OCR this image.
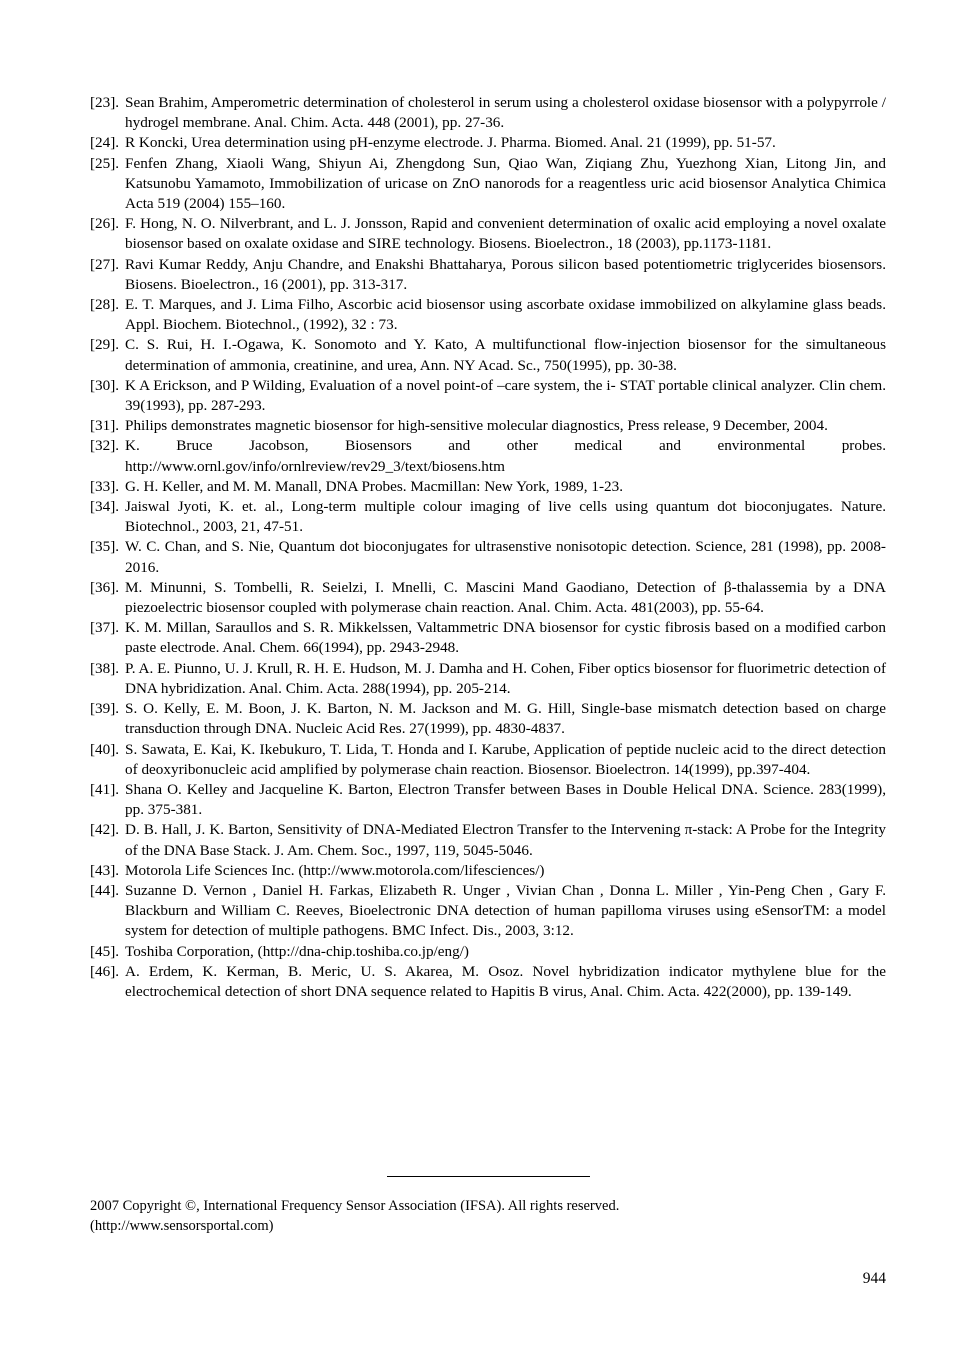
[23]. Sean Brahim, Amperometric determination of cholesterol in serum using a cholesterol oxidase biosensor with a polypyrrole / hydrogel membrane. Anal. Chim. Acta. 448 (2001), pp. 27-36.
[24]. R Koncki, Urea determination using pH-enzyme electrode. J. Pharma. Biomed. Anal. 21 (1999), pp. 51-57.
[25]. Fenfen Zhang, Xiaoli Wang, Shiyun Ai, Zhengdong Sun, Qiao Wan, Ziqiang Zhu, Yuezhong Xian, Litong Jin, and Katsunobu Yamamoto, Immobilization of uricase on ZnO nanorods for a reagentless uric acid biosensor Analytica Chimica Acta 519 (2004) 155–160.
[26]. F. Hong, N. O. Nilverbrant, and L. J. Jonsson, Rapid and convenient determination of oxalic acid employing a novel oxalate biosensor based on oxalate oxidase and SIRE technology. Biosens. Bioelectron., 18 (2003), pp.1173-1181.
[27]. Ravi Kumar Reddy, Anju Chandre, and Enakshi Bhattaharya, Porous silicon based potentiometric triglycerides biosensors. Biosens. Bioelectron., 16 (2001), pp. 313-317.
[28]. E. T. Marques, and J. Lima Filho, Ascorbic acid biosensor using ascorbate oxidase immobilized on alkylamine glass beads. Appl. Biochem. Biotechnol., (1992), 32 : 73.
[29]. C. S. Rui, H. I.-Ogawa, K. Sonomoto and Y. Kato, A multifunctional flow-injection biosensor for the simultaneous determination of ammonia, creatinine, and urea, Ann. NY Acad. Sc., 750(1995), pp. 30-38.
[30]. K A Erickson, and P Wilding, Evaluation of a novel point-of –care system, the i- STAT portable clinical analyzer. Clin chem. 39(1993), pp. 287-293.
[31]. Philips demonstrates magnetic biosensor for high-sensitive molecular diagnostics, Press release, 9 December, 2004.
[32]. K. Bruce Jacobson, Biosensors and other medical and environmental probes. http://www.ornl.gov/info/ornlreview/rev29_3/text/biosens.htm
[33]. G. H. Keller, and M. M. Manall, DNA Probes. Macmillan: New York, 1989, 1-23.
[34]. Jaiswal Jyoti, K. et. al., Long-term multiple colour imaging of live cells using quantum dot bioconjugates. Nature. Biotechnol., 2003, 21, 47-51.
[35]. W. C. Chan, and S. Nie, Quantum dot bioconjugates for ultrasenstive nonisotopic detection. Science, 281 (1998), pp. 2008-2016.
[36]. M. Minunni, S. Tombelli, R. Seielzi, I. Mnelli, C. Mascini Mand Gaodiano, Detection of β-thalassemia by a DNA piezoelectric biosensor coupled with polymerase chain reaction. Anal. Chim. Acta. 481(2003), pp. 55-64.
[37]. K. M. Millan, Saraullos and S. R. Mikkelssen, Valtammetric DNA biosensor for cystic fibrosis based on a modified carbon paste electrode. Anal. Chem. 66(1994), pp. 2943-2948.
[38]. P. A. E. Piunno, U. J. Krull, R. H. E. Hudson, M. J. Damha and H. Cohen, Fiber optics biosensor for fluorimetric detection of DNA hybridization. Anal. Chim. Acta. 288(1994), pp. 205-214.
[39]. S. O. Kelly, E. M. Boon, J. K. Barton, N. M. Jackson and M. G. Hill, Single-base mismatch detection based on charge transduction through DNA. Nucleic Acid Res. 27(1999), pp. 4830-4837.
[40]. S. Sawata, E. Kai, K. Ikebukuro, T. Lida, T. Honda and I. Karube, Application of peptide nucleic acid to the direct detection of deoxyribonucleic acid amplified by polymerase chain reaction. Biosensor. Bioelectron. 14(1999), pp.397-404.
[41]. Shana O. Kelley and Jacqueline K. Barton, Electron Transfer between Bases in Double Helical DNA. Science. 283(1999), pp. 375-381.
[42]. D. B. Hall, J. K. Barton, Sensitivity of DNA-Mediated Electron Transfer to the Intervening π-stack: A Probe for the Integrity of the DNA Base Stack. J. Am. Chem. Soc., 1997, 119, 5045-5046.
[43]. Motorola Life Sciences Inc. (http://www.motorola.com/lifesciences/)
[44]. Suzanne D. Vernon , Daniel H. Farkas, Elizabeth R. Unger , Vivian Chan , Donna L. Miller , Yin-Peng Chen , Gary F. Blackburn and William C. Reeves, Bioelectronic DNA detection of human papilloma viruses using eSensorTM: a model system for detection of multiple pathogens. BMC Infect. Dis., 2003, 3:12.
[45]. Toshiba Corporation, (http://dna-chip.toshiba.co.jp/eng/)
[46]. A. Erdem, K. Kerman, B. Meric, U. S. Akarea, M. Osoz. Novel hybridization indicator mythylene blue for the electrochemical detection of short DNA sequence related to Hapitis B virus, Anal. Chim. Acta. 422(2000), pp. 139-149.
2007 Copyright ©, International Frequency Sensor Association (IFSA). All rights reserved.
(http://www.sensorsportal.com)
944
